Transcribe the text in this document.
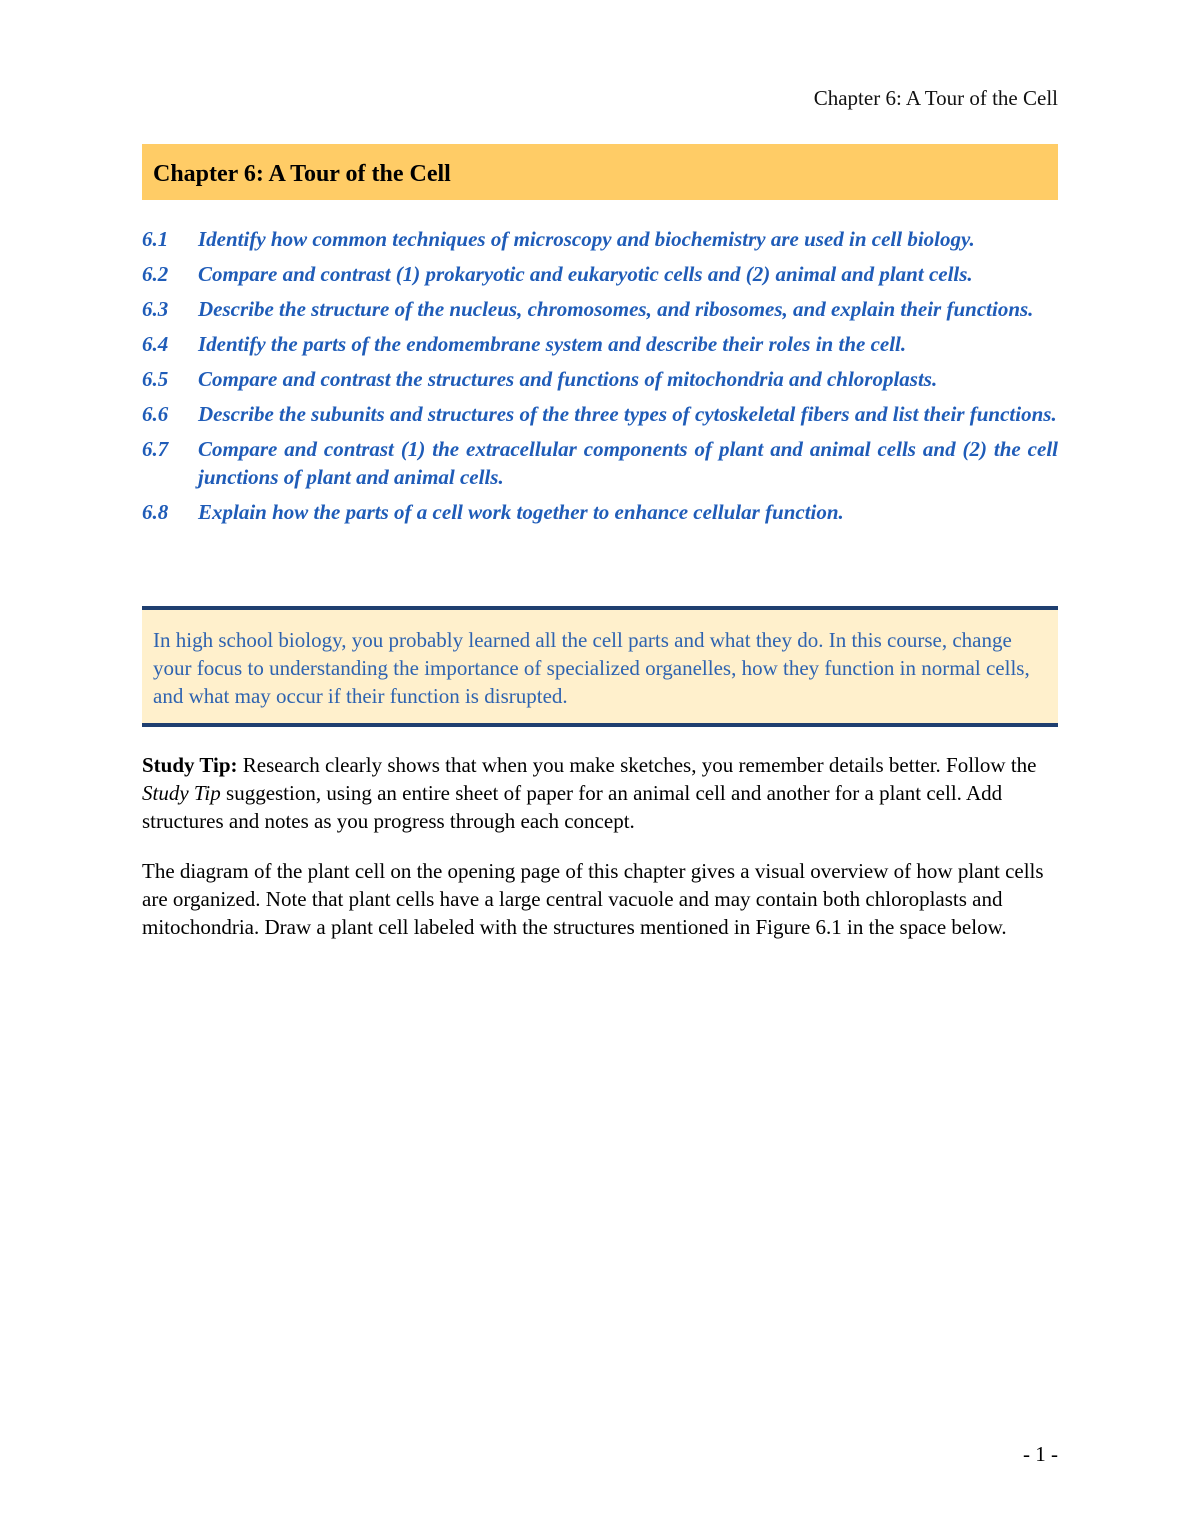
Chapter 6: A Tour of the Cell
Chapter 6: A Tour of the Cell
6.1	Identify how common techniques of microscopy and biochemistry are used in cell biology.
6.2	Compare and contrast (1) prokaryotic and eukaryotic cells and (2) animal and plant cells.
6.3	Describe the structure of the nucleus, chromosomes, and ribosomes, and explain their functions.
6.4	Identify the parts of the endomembrane system and describe their roles in the cell.
6.5	Compare and contrast the structures and functions of mitochondria and chloroplasts.
6.6	Describe the subunits and structures of the three types of cytoskeletal fibers and list their functions.
6.7	Compare and contrast (1) the extracellular components of plant and animal cells and (2) the cell junctions of plant and animal cells.
6.8	Explain how the parts of a cell work together to enhance cellular function.

In high school biology, you probably learned all the cell parts and what they do. In this course, change your focus to understanding the importance of specialized organelles, how they function in normal cells, and what may occur if their function is disrupted.

Study Tip: Research clearly shows that when you make sketches, you remember details better. Follow the Study Tip suggestion, using an entire sheet of paper for an animal cell and another for a plant cell. Add structures and notes as you progress through each concept.

The diagram of the plant cell on the opening page of this chapter gives a visual overview of how plant cells are organized. Note that plant cells have a large central vacuole and may contain both chloroplasts and mitochondria. Draw a plant cell labeled with the structures mentioned in Figure 6.1 in the space below.

- 1 -
